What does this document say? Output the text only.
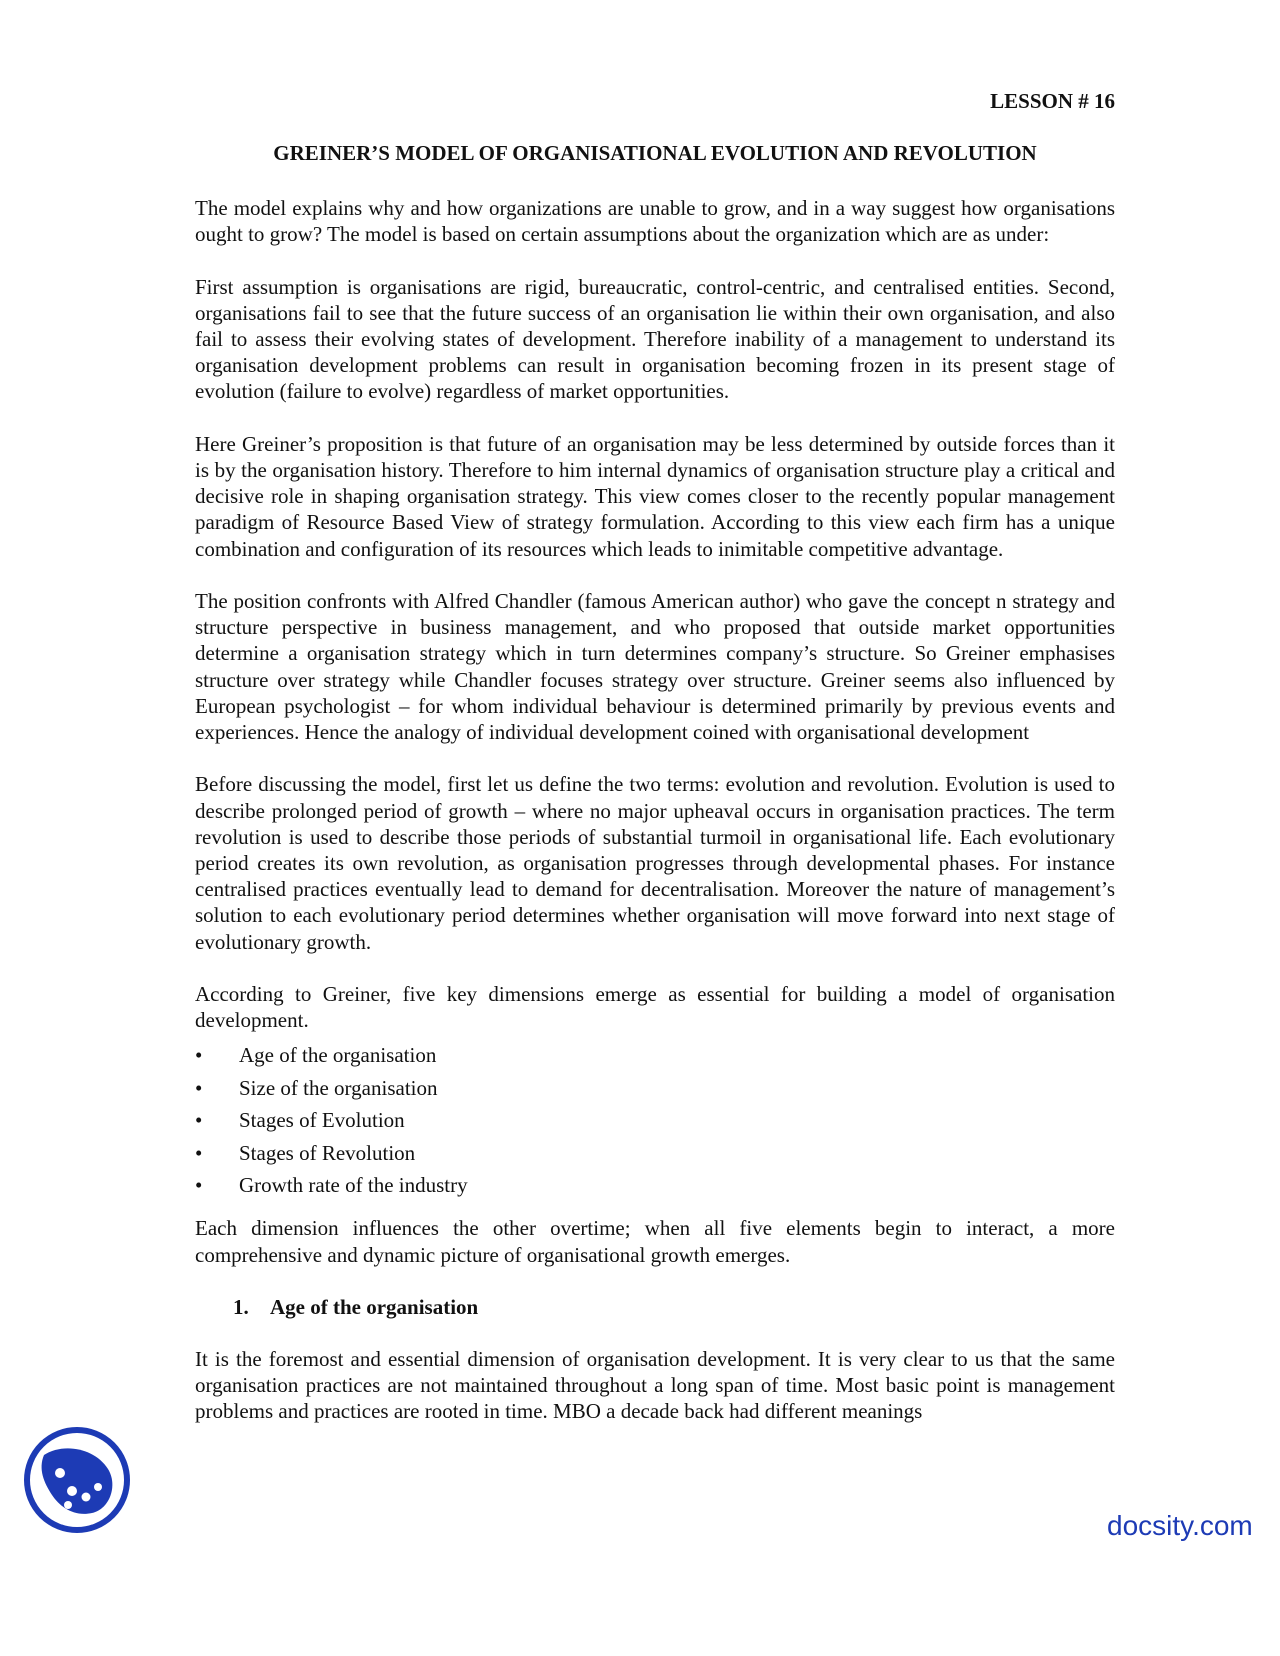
LESSON # 16
GREINER’S MODEL OF ORGANISATIONAL EVOLUTION AND REVOLUTION

The model explains why and how organizations are unable to grow, and in a way suggest how organisations ought to grow? The model is based on certain assumptions about the organization which are as under:

First assumption is organisations are rigid, bureaucratic, control-centric, and centralised entities. Second, organisations fail to see that the future success of an organisation lie within their own organisation, and also fail to assess their evolving states of development. Therefore inability of a management to understand its organisation development problems can result in organisation becoming frozen in its present stage of evolution (failure to evolve) regardless of market opportunities.

Here Greiner’s proposition is that future of an organisation may be less determined by outside forces than it is by the organisation history. Therefore to him internal dynamics of organisation structure play a critical and decisive role in shaping organisation strategy. This view comes closer to the recently popular management paradigm of Resource Based View of strategy formulation. According to this view each firm has a unique combination and configuration of its resources which leads to inimitable competitive advantage.

The position confronts with Alfred Chandler (famous American author) who gave the concept n strategy and structure perspective in business management, and who proposed that outside market opportunities determine a organisation strategy which in turn determines company’s structure. So Greiner emphasises structure over strategy while Chandler focuses strategy over structure. Greiner seems also influenced by European psychologist – for whom individual behaviour is determined primarily by previous events and experiences. Hence the analogy of individual development coined with organisational development

Before discussing the model, first let us define the two terms: evolution and revolution. Evolution is used to describe prolonged period of growth – where no major upheaval occurs in organisation practices. The term revolution is used to describe those periods of substantial turmoil in organisational life. Each evolutionary period creates its own revolution, as organisation progresses through developmental phases. For instance centralised practices eventually lead to demand for decentralisation. Moreover the nature of management’s solution to each evolutionary period determines whether organisation will move forward into next stage of evolutionary growth.

According to Greiner, five key dimensions emerge as essential for building a model of organisation development.

• Age of the organisation
• Size of the organisation
• Stages of Evolution
• Stages of Revolution
• Growth rate of the industry

Each dimension influences the other overtime; when all five elements begin to interact, a more comprehensive and dynamic picture of organisational growth emerges.

1. Age of the organisation

It is the foremost and essential dimension of organisation development. It is very clear to us that the same organisation practices are not maintained throughout a long span of time. Most basic point is management problems and practices are rooted in time. MBO a decade back had different meanings

docsity.com
